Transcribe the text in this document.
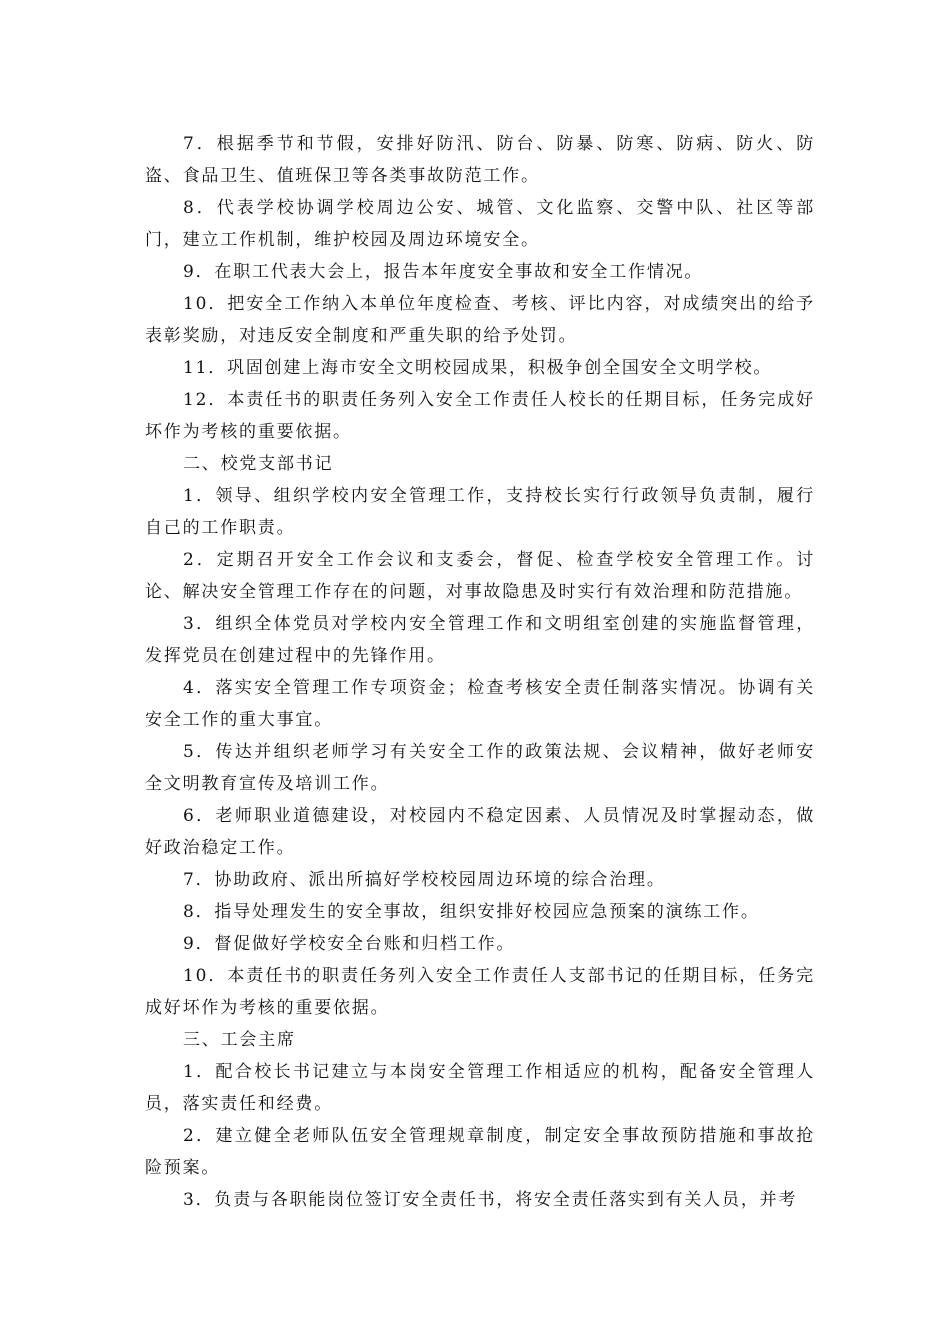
7．根据季节和节假，安排好防汛、防台、防暴、防寒、防病、防火、防盗、食品卫生、值班保卫等各类事故防范工作。

8．代表学校协调学校周边公安、城管、文化监察、交警中队、社区等部门，建立工作机制，维护校园及周边环境安全。

9．在职工代表大会上，报告本年度安全事故和安全工作情况。

10．把安全工作纳入本单位年度检查、考核、评比内容，对成绩突出的给予表彰奖励，对违反安全制度和严重失职的给予处罚。

11．巩固创建上海市安全文明校园成果，积极争创全国安全文明学校。

12．本责任书的职责任务列入安全工作责任人校长的任期目标，任务完成好坏作为考核的重要依据。

二、校党支部书记

1．领导、组织学校内安全管理工作，支持校长实行行政领导负责制，履行自己的工作职责。

2．定期召开安全工作会议和支委会，督促、检查学校安全管理工作。讨论、解决安全管理工作存在的问题，对事故隐患及时实行有效治理和防范措施。

3．组织全体党员对学校内安全管理工作和文明组室创建的实施监督管理，发挥党员在创建过程中的先锋作用。

4．落实安全管理工作专项资金；检查考核安全责任制落实情况。协调有关安全工作的重大事宜。

5．传达并组织老师学习有关安全工作的政策法规、会议精神，做好老师安全文明教育宣传及培训工作。

6．老师职业道德建设，对校园内不稳定因素、人员情况及时掌握动态，做好政治稳定工作。

7．协助政府、派出所搞好学校校园周边环境的综合治理。

8．指导处理发生的安全事故，组织安排好校园应急预案的演练工作。

9．督促做好学校安全台账和归档工作。

10．本责任书的职责任务列入安全工作责任人支部书记的任期目标，任务完成好坏作为考核的重要依据。

三、工会主席

1．配合校长书记建立与本岗安全管理工作相适应的机构，配备安全管理人员，落实责任和经费。

2．建立健全老师队伍安全管理规章制度，制定安全事故预防措施和事故抢险预案。

3．负责与各职能岗位签订安全责任书，将安全责任落实到有关人员，并考
